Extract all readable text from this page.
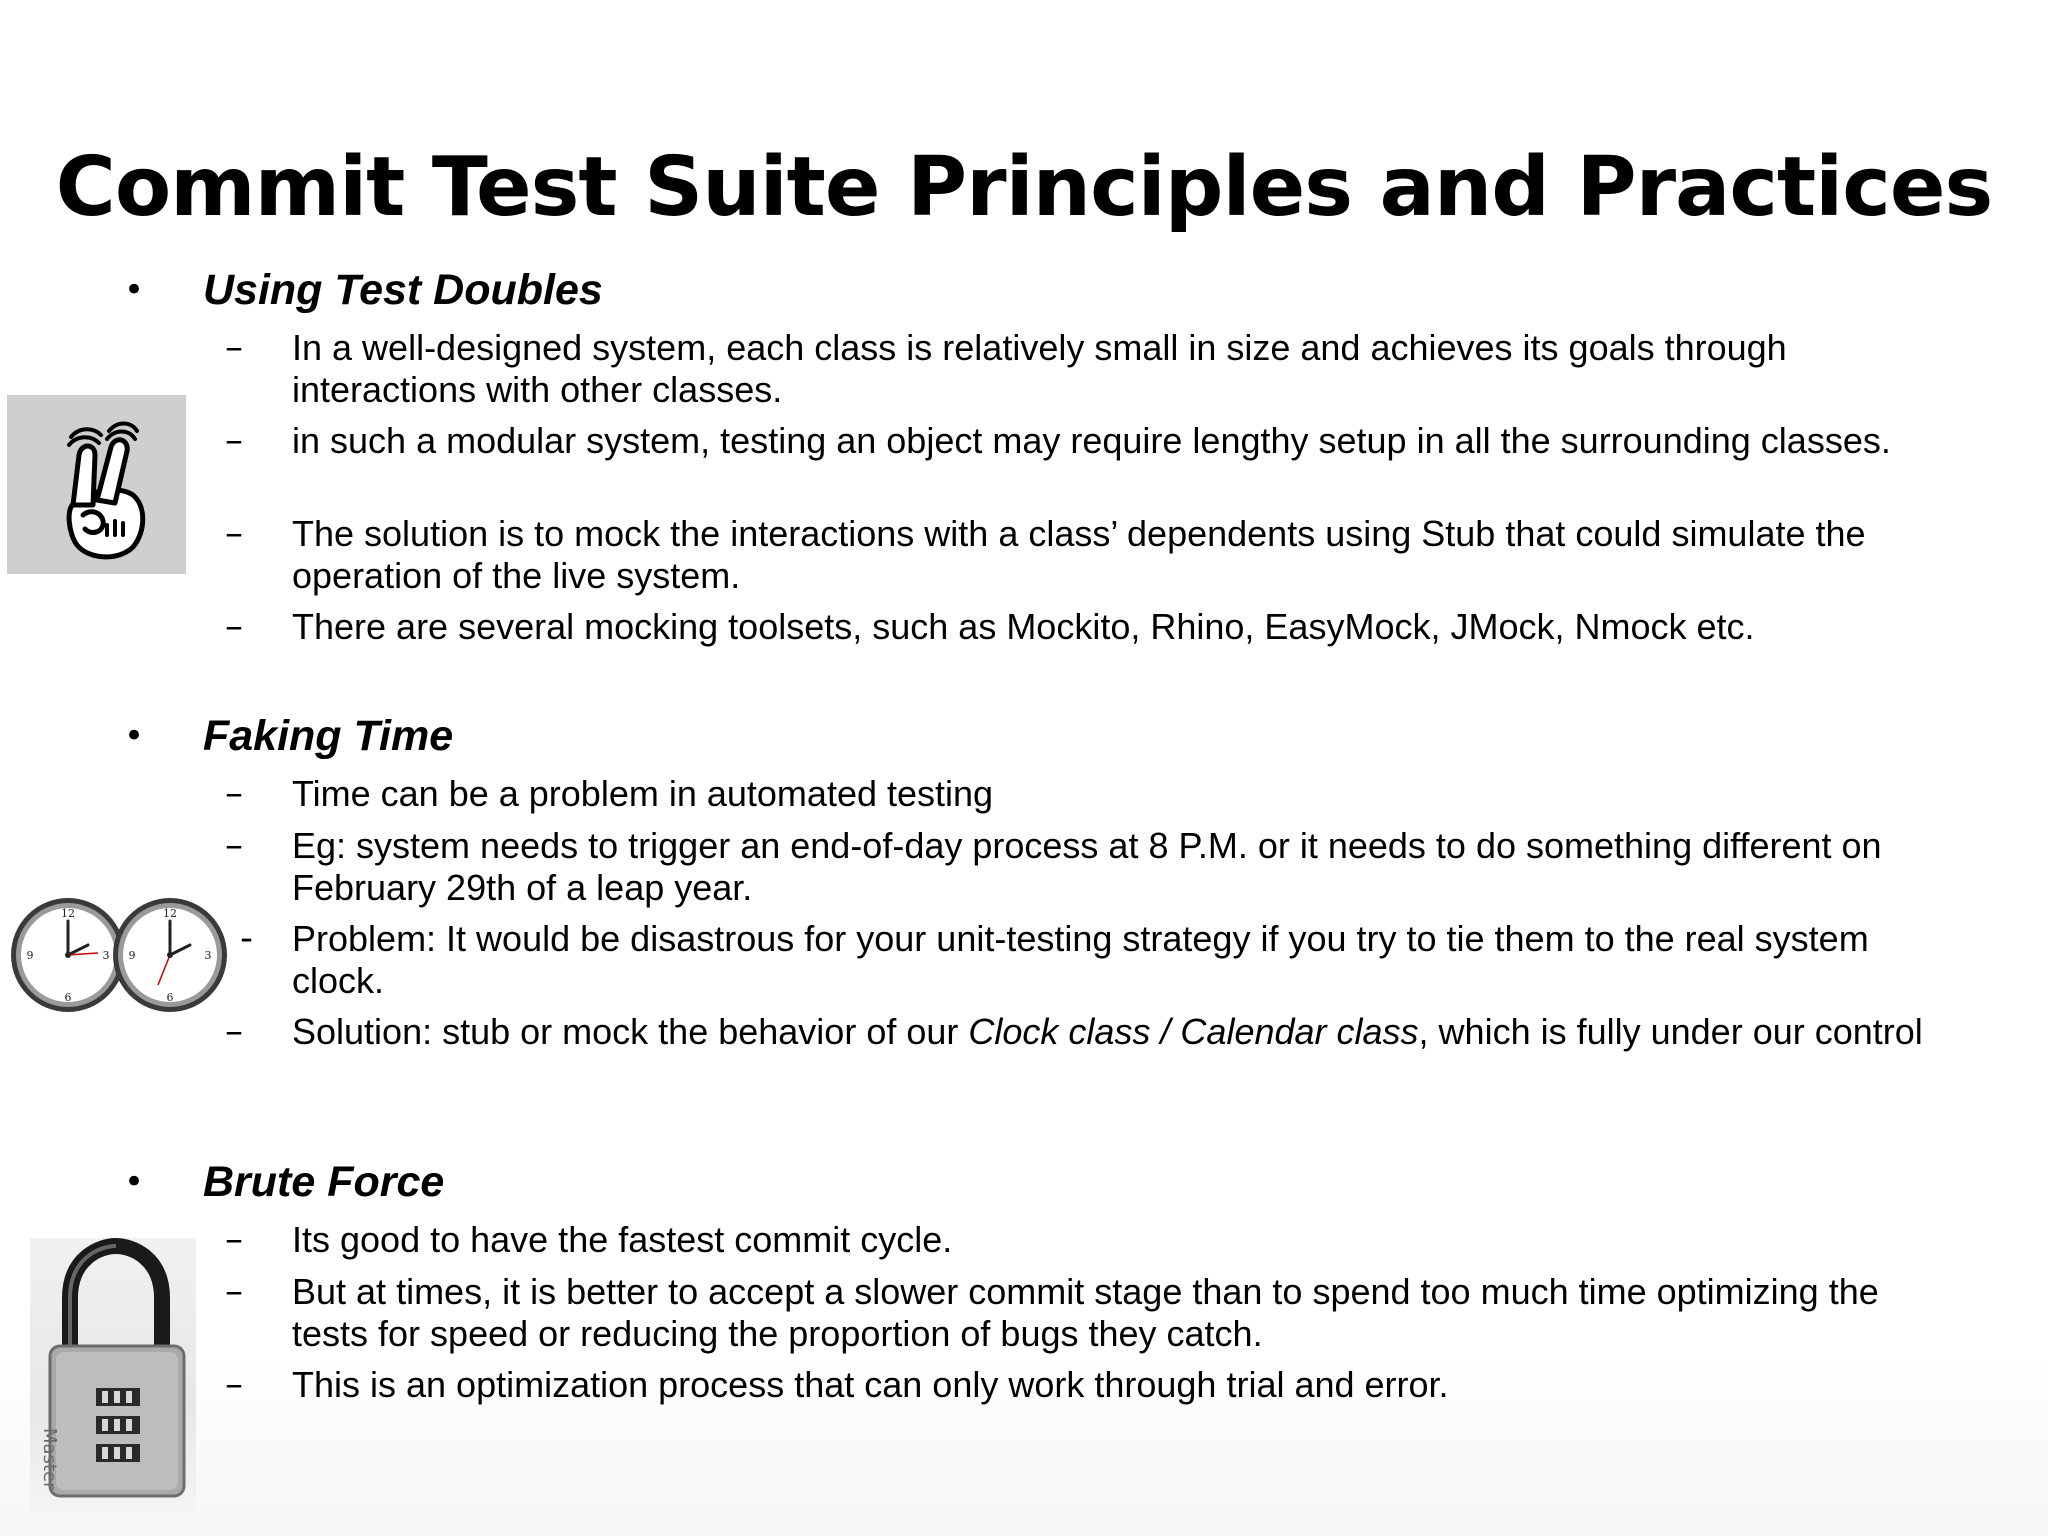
Commit Test Suite Principles and Practices
• Using Test Doubles
– In a well-designed system, each class is relatively small in size and achieves its goals through interactions with other classes.
– in such a modular system, testing an object may require lengthy setup in all the surrounding classes.
– The solution is to mock the interactions with a class’ dependents using Stub that could simulate the operation of the live system.
– There are several mocking toolsets, such as Mockito, Rhino, EasyMock, JMock, Nmock etc.
• Faking Time
– Time can be a problem in automated testing
– Eg: system needs to trigger an end-of-day process at 8 P.M. or it needs to do something different on February 29th of a leap year.
- Problem: It would be disastrous for your unit-testing strategy if you try to tie them to the real system clock.
– Solution: stub or mock the behavior of our Clock class / Calendar class, which is fully under our control
• Brute Force
– Its good to have the fastest commit cycle.
– But at times, it is better to accept a slower commit stage than to spend too much time optimizing the tests for speed or reducing the proportion of bugs they catch.
– This is an optimization process that can only work through trial and error.
12
6
9	3
12
6
9	3
Master
